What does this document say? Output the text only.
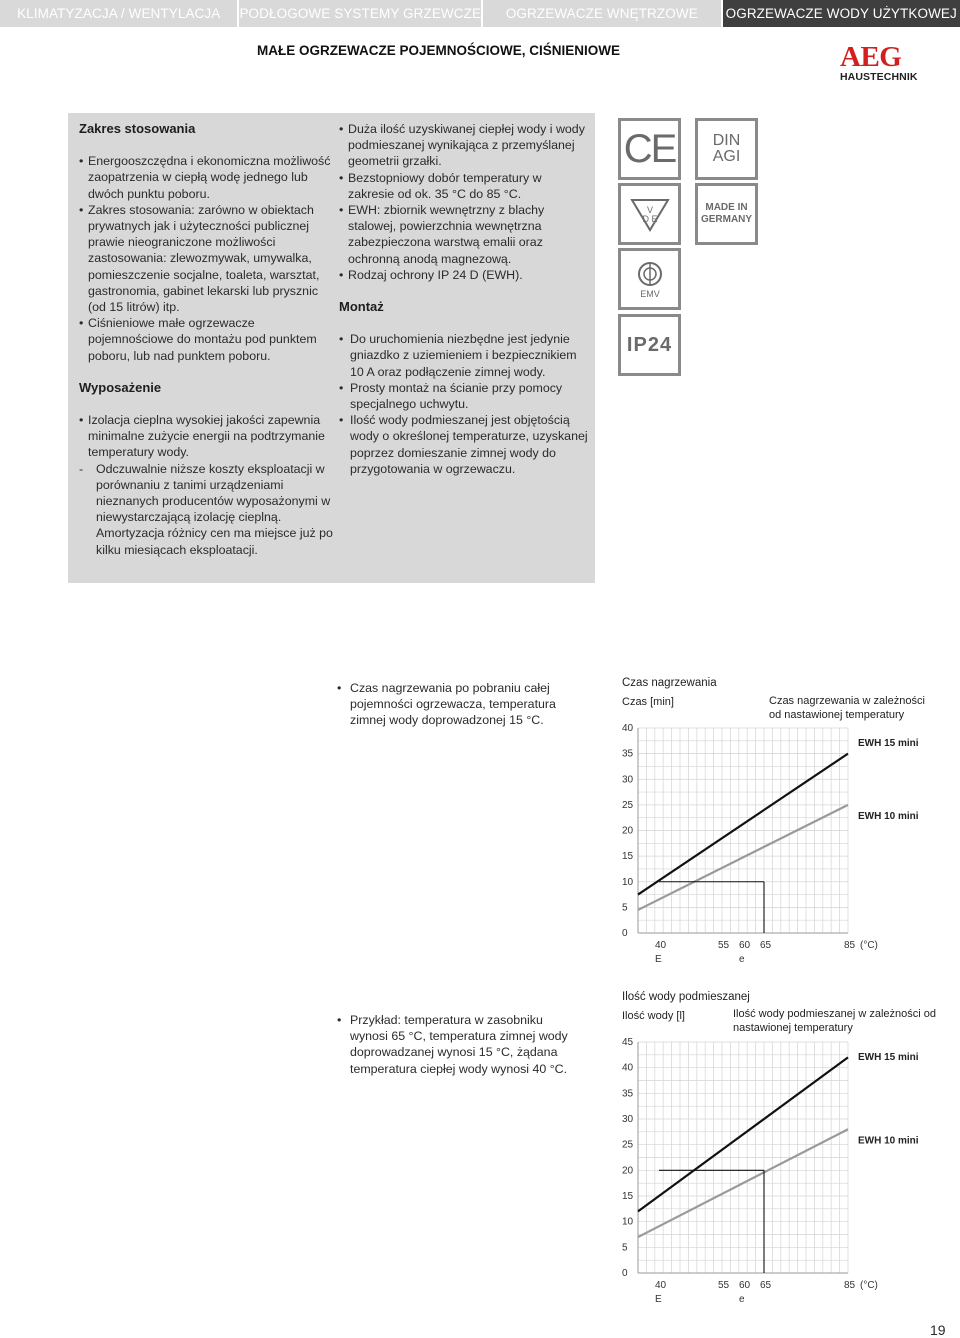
KLIMATYZACJA / WENTYLACJA	PODŁOGOWE SYSTEMY GRZEWCZE	OGRZEWACZE WNĘTRZOWE	OGRZEWACZE WODY UŻYTKOWEJ
MAŁE OGRZEWACZE POJEMNOŚCIOWE, CIŚNIENIOWE	AEG
HAUSTECHNIK
Zakres stosowania
• Energooszczędna i ekonomiczna możliwość zaopatrzenia w ciepłą wodę jednego lub dwóch punktu poboru.
• Zakres stosowania: zarówno w obiektach prywatnych jak i użyteczności publicznej prawie nieograniczone możliwości zastosowania: zlewozmywak, umywalka, pomieszczenie socjalne, toaleta, warsztat, gastronomia, gabinet lekarski lub prysznic (od 15 litrów) itp.
• Ciśnieniowe małe ogrzewacze pojemnościowe do montażu pod punktem poboru, lub nad punktem poboru.
Wyposażenie
• Izolacja cieplna wysokiej jakości zapewnia minimalne zużycie energii na podtrzymanie temperatury wody.
- Odczuwalnie niższe koszty eksploatacji w porównaniu z tanimi urządzeniami nieznanych producentów wyposażonymi w niewystarczającą izolację cieplną. Amortyzacja różnicy cen ma miejsce już po kilku miesiącach eksploatacji.
• Duża ilość uzyskiwanej ciepłej wody i wody podmieszanej wynikająca z przemyślanej geometrii grzałki.
• Bezstopniowy dobór temperatury w zakresie od ok. 35 °C do 85 °C.
• EWH: zbiornik wewnętrzny z blachy stalowej, powierzchnia wewnętrzna zabezpieczona warstwą emalii oraz ochronną anodą magnezową.
• Rodzaj ochrony IP 24 D (EWH).
Montaż
• Do uruchomienia niezbędne jest jedynie gniazdko z uziemieniem i bezpiecznikiem 10 A oraz podłączenie zimnej wody.
• Prosty montaż na ścianie przy pomocy specjalnego uchwytu.
• Ilość wody podmieszanej jest objętością wody o określonej temperaturze, uzyskanej poprzez domieszanie zimnej wody do przygotowania w ogrzewaczu.
CE
V
D E
EMV
IP24
DIN
AGI
MADE IN
GERMANY
• Czas nagrzewania po pobraniu całej pojemności ogrzewacza, temperatura zimnej wody doprowadzonej 15 °C.
• Przykład: temperatura w zasobniku wynosi 65 °C, temperatura zimnej wody doprowadzanej wynosi 15 °C, żądana temperatura ciepłej wody wynosi 40 °C.
Czas nagrzewania
Czas [min]	Czas nagrzewania w zależności od nastawionej temperatury
0
5
10
15
20
25
30
35
40
40	55 60 65	85 (°C)
E	e
EWH 15 mini
EWH 10 mini
Ilość wody podmieszanej
Ilość wody [l]	Ilość wody podmieszanej w zależności od nastawionej temperatury
0
5
10
15
20
25
30
35
40
45
40	55 60 65	85 (°C)
E	e
EWH 15 mini
EWH 10 mini
19
